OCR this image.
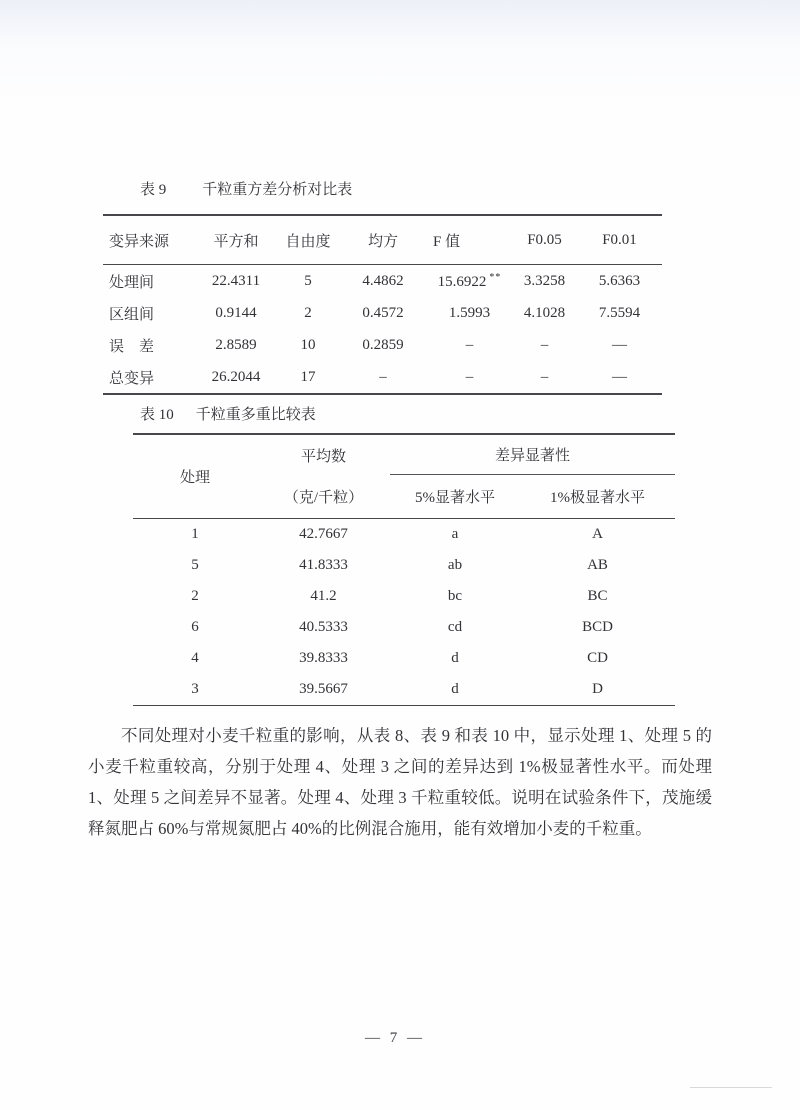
表 9 千粒重方差分析对比表
变异来源	平方和	自由度	均方	F 值	F0.05	F0.01
处理间	22.4311	5	4.4862	15.6922 **	3.3258	5.6363
区组间	0.9144	2	0.4572	1.5993	4.1028	7.5594
误　差	2.8589	10	0.2859	–	–	—
总变异	26.2044	17	–	–	–	—
表 10 千粒重多重比较表
处理
平均数	差异显著性
（克/千粒）	5%显著水平	1%极显著水平
1	42.7667	a	A
5	41.8333	ab	AB
2	41.2	bc	BC
6	40.5333	cd	BCD
4	39.8333	d	CD
3	39.5667	d	D

不同处理对小麦千粒重的影响，从表 8、表 9 和表 10 中，显示处理 1、处理 5 的小麦千粒重较高，分别于处理 4、处理 3 之间的差异达到 1%极显著性水平。而处理 1、处理 5 之间差异不显著。处理 4、处理 3 千粒重较低。说明在试验条件下，茂施缓释氮肥占 60%与常规氮肥占 40%的比例混合施用，能有效增加小麦的千粒重。

— 7 —
